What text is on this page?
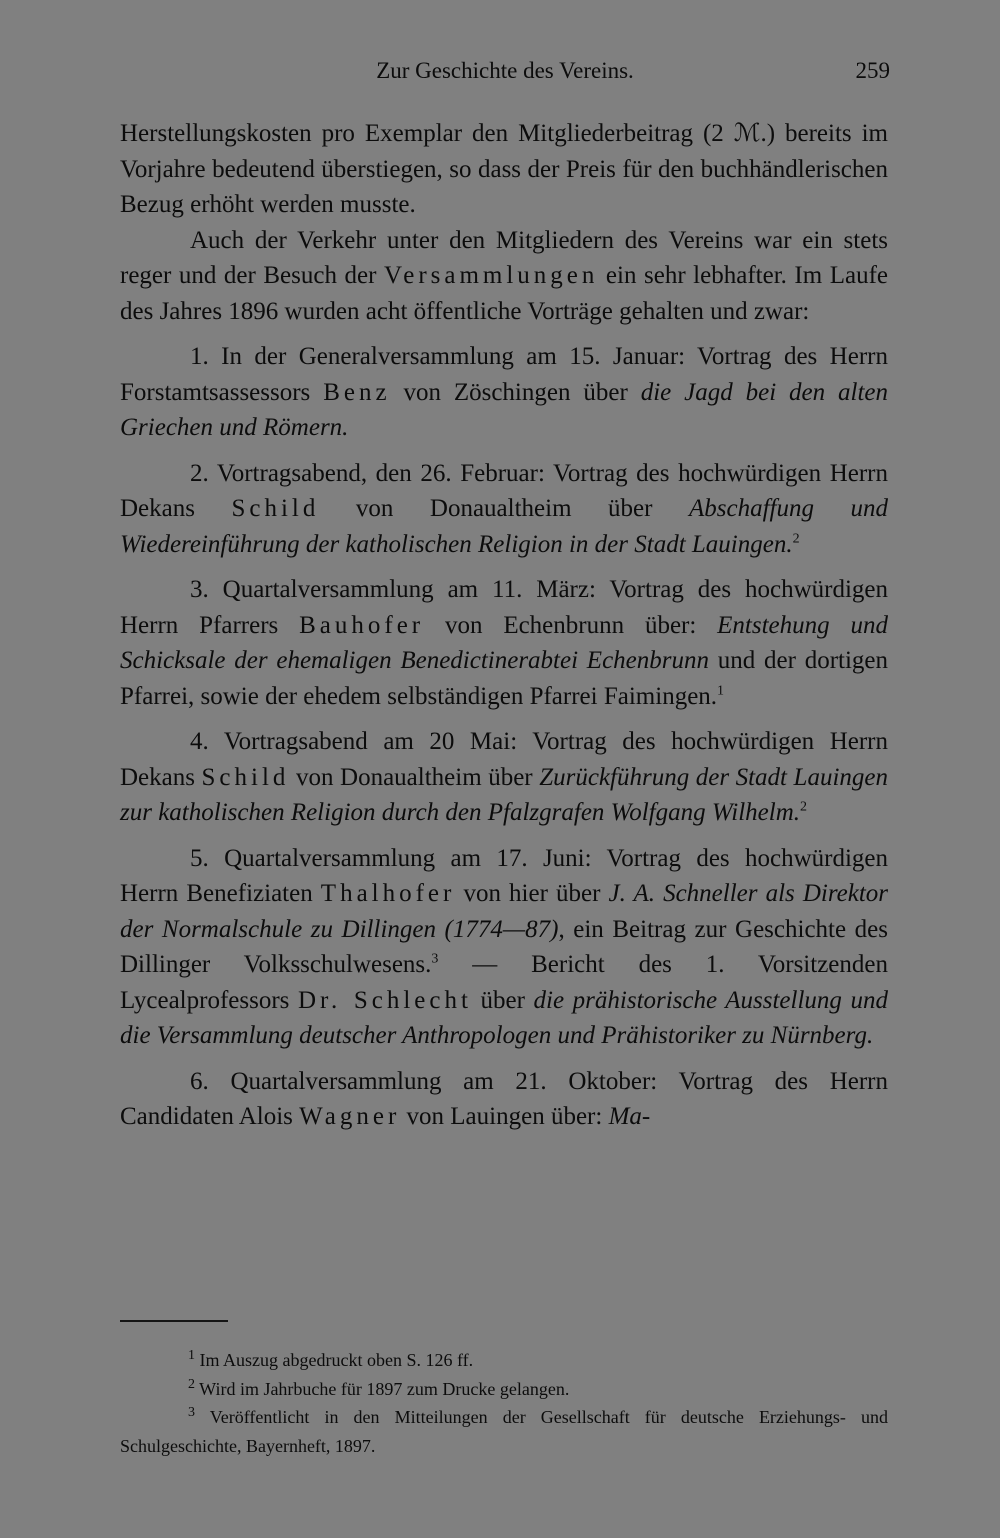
Zur Geschichte des Vereins.	259

Herstellungskosten pro Exemplar den Mitgliederbeitrag (2 ℳ.) bereits im Vorjahre bedeutend überstiegen, so dass der Preis für den buchhändlerischen Bezug erhöht werden musste.

Auch der Verkehr unter den Mitgliedern des Vereins war ein stets reger und der Besuch der Versammlungen ein sehr lebhafter. Im Laufe des Jahres 1896 wurden acht öffentliche Vorträge gehalten und zwar:

1. In der Generalversammlung am 15. Januar: Vortrag des Herrn Forstamtsassessors Benz von Zöschingen über die Jagd bei den alten Griechen und Römern.

2. Vortragsabend, den 26. Februar: Vortrag des hochwürdigen Herrn Dekans Schild von Donaualtheim über Abschaffung und Wiedereinführung der katholischen Religion in der Stadt Lauingen.$^2$

3. Quartalversammlung am 11. März: Vortrag des hochwürdigen Herrn Pfarrers Bauhofer von Echenbrunn über: Entstehung und Schicksale der ehemaligen Benedictinerabtei Echenbrunn und der dortigen Pfarrei, sowie der ehedem selbständigen Pfarrei Faimingen.$^1$

4. Vortragsabend am 20 Mai: Vortrag des hochwürdigen Herrn Dekans Schild von Donaualtheim über Zurückführung der Stadt Lauingen zur katholischen Religion durch den Pfalzgrafen Wolfgang Wilhelm.$^2$

5. Quartalversammlung am 17. Juni: Vortrag des hochwürdigen Herrn Benefiziaten Thalhofer von hier über J. A. Schneller als Direktor der Normalschule zu Dillingen (1774—87), ein Beitrag zur Geschichte des Dillinger Volksschulwesens.$^3$ — Bericht des 1. Vorsitzenden Lycealprofessors Dr. Schlecht über die prähistorische Ausstellung und die Versammlung deutscher Anthropologen und Prähistoriker zu Nürnberg.

6. Quartalversammlung am 21. Oktober: Vortrag des Herrn Candidaten Alois Wagner von Lauingen über: Ma-

$^1$ Im Auszug abgedruckt oben S. 126 ff.

$^2$ Wird im Jahrbuche für 1897 zum Drucke gelangen.

$^3$ Veröffentlicht in den Mitteilungen der Gesellschaft für deutsche Erziehungs- und Schulgeschichte, Bayernheft, 1897.
